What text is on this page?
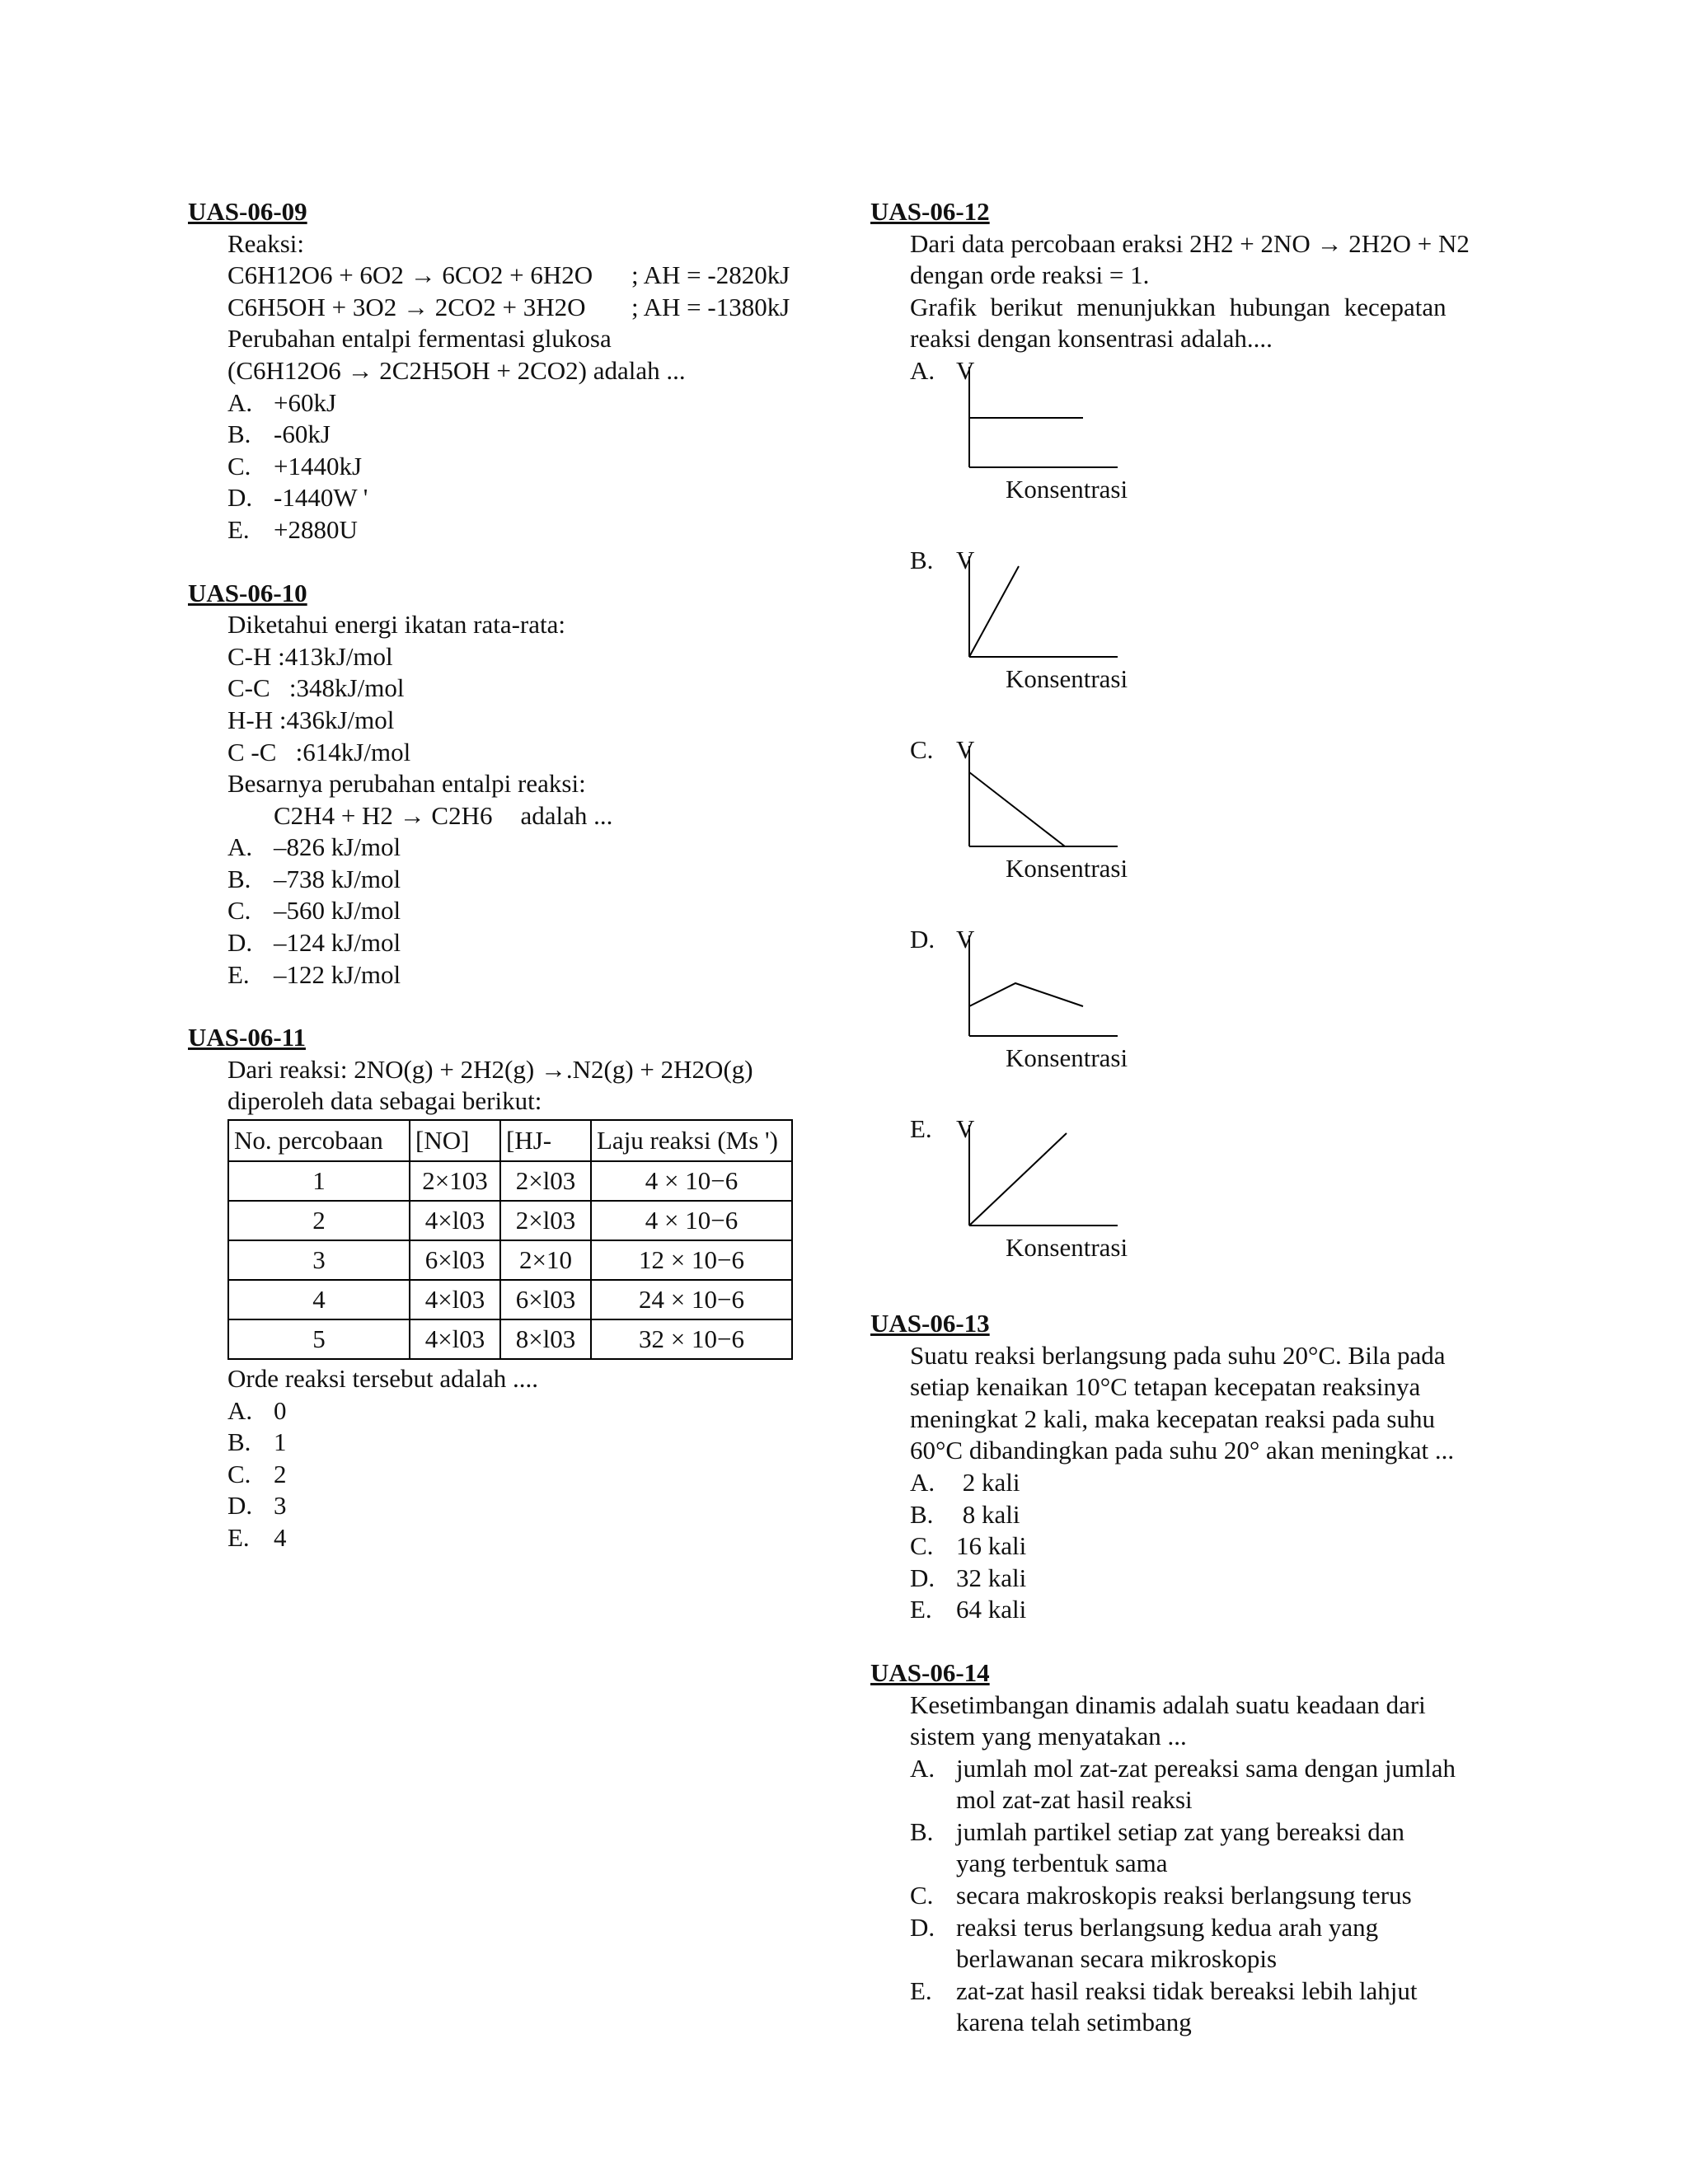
UAS-06-09
Reaksi:
C6H12O6 + 6O2 → 6CO2 + 6H2O ; AH = -2820kJ
C6H5OH + 3O2 → 2CO2 + 3H2O ; AH = -1380kJ
Perubahan entalpi fermentasi glukosa
(C6H12O6 → 2C2H5OH + 2CO2) adalah ...
A. +60kJ
B. -60kJ
C. +1440kJ
D. -1440W '
E. +2880U
UAS-06-10
Diketahui energi ikatan rata-rata:
C-H :413kJ/mol
C-C   :348kJ/mol
H-H :436kJ/mol
C -C   :614kJ/mol
Besarnya perubahan entalpi reaksi:
C2H4 + H2 → C2H6 adalah ...
A. –826 kJ/mol
B. –738 kJ/mol
C. –560 kJ/mol
D. –124 kJ/mol
E. –122 kJ/mol
UAS-06-11
Dari reaksi: 2NO(g) + 2H2(g) →.N2(g) + 2H2O(g)
diperoleh data sebagai berikut:
No. percobaan	[NO]	[HJ-	Laju reaksi (Ms ')
1	2×103	2×l03	4 × 10−6
2	4×l03	2×l03	4 × 10−6
3	6×l03	2×10	12 × 10−6
4	4×l03	6×l03	24 × 10−6
5	4×l03	8×l03	32 × 10−6
Orde reaksi tersebut adalah ....
A. 0
B. 1
C. 2
D. 3
E. 4
UAS-06-12
Dari data percobaan eraksi 2H2 + 2NO → 2H2O + N2
dengan orde reaksi = 1.
Grafik berikut menunjukkan hubungan kecepatan
reaksi dengan konsentrasi adalah....
A. V
Konsentrasi
B. V
Konsentrasi
C. V
Konsentrasi
D. V
Konsentrasi
E. V
Konsentrasi
UAS-06-13
Suatu reaksi berlangsung pada suhu 20°C. Bila pada
setiap kenaikan 10°C tetapan kecepatan reaksinya
meningkat 2 kali, maka kecepatan reaksi pada suhu
60°C dibandingkan pada suhu 20° akan meningkat ...
A. 2 kali
B. 8 kali
C. 16 kali
D. 32 kali
E. 64 kali
UAS-06-14
Kesetimbangan dinamis adalah suatu keadaan dari
sistem yang menyatakan ...
A. jumlah mol zat-zat pereaksi sama dengan jumlah mol zat-zat hasil reaksi
B. jumlah partikel setiap zat yang bereaksi dan yang terbentuk sama
C. secara makroskopis reaksi berlangsung terus
D. reaksi terus berlangsung kedua arah yang berlawanan secara mikroskopis
E. zat-zat hasil reaksi tidak bereaksi lebih lahjut karena telah setimbang
